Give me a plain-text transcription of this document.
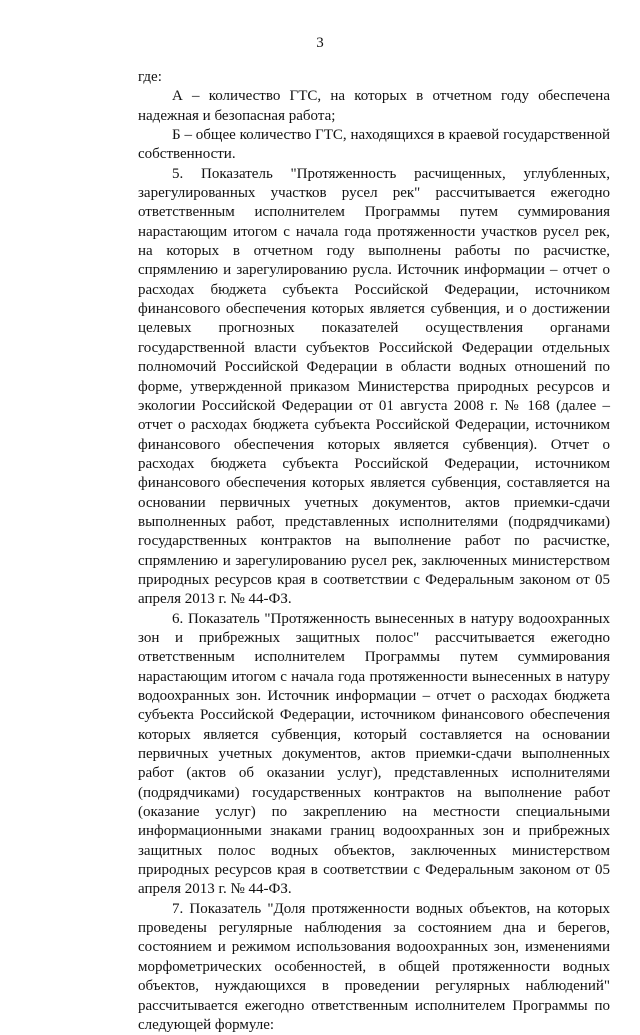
3

где:

А – количество ГТС, на которых в отчетном году обеспечена надежная и безопасная работа;

Б – общее количество ГТС, находящихся в краевой государственной собственности.

5. Показатель "Протяженность расчищенных, углубленных, зарегулированных участков русел рек" рассчитывается ежегодно ответственным исполнителем Программы путем суммирования нарастающим итогом с начала года протяженности участков русел рек, на которых в отчетном году выполнены работы по расчистке, спрямлению и зарегулированию русла. Источник информации – отчет о расходах бюджета субъекта Российской Федерации, источником финансового обеспечения которых является субвенция, и о достижении целевых прогнозных показателей осуществления органами государственной власти субъектов Российской Федерации отдельных полномочий Российской Федерации в области водных отношений по форме, утвержденной приказом Министерства природных ресурсов и экологии Российской Федерации от 01 августа 2008 г. № 168 (далее – отчет о расходах бюджета субъекта Российской Федерации, источником финансового обеспечения которых является субвенция). Отчет о расходах бюджета субъекта Российской Федерации, источником финансового обеспечения которых является субвенция, составляется на основании первичных учетных документов, актов приемки-сдачи выполненных работ, представленных исполнителями (подрядчиками) государственных контрактов на выполнение работ по расчистке, спрямлению и зарегулированию русел рек, заключенных министерством природных ресурсов края в соответствии с Федеральным законом от 05 апреля 2013 г. № 44-ФЗ.

6. Показатель "Протяженность вынесенных в натуру водоохранных зон и прибрежных защитных полос" рассчитывается ежегодно ответственным исполнителем Программы путем суммирования нарастающим итогом с начала года протяженности вынесенных в натуру водоохранных зон. Источник информации – отчет о расходах бюджета субъекта Российской Федерации, источником финансового обеспечения которых является субвенция, который составляется на основании первичных учетных документов, актов приемки-сдачи выполненных работ (актов об оказании услуг), представленных исполнителями (подрядчиками) государственных контрактов на выполнение работ (оказание услуг) по закреплению на местности специальными информационными знаками границ водоохранных зон и прибрежных защитных полос водных объектов, заключенных министерством природных ресурсов края в соответствии с Федеральным законом от 05 апреля 2013 г. № 44-ФЗ.

7. Показатель "Доля протяженности водных объектов, на которых проведены регулярные наблюдения за состоянием дна и берегов, состоянием и режимом использования водоохранных зон, изменениями морфометрических особенностей, в общей протяженности водных объектов, нуждающихся в проведении регулярных наблюдений" рассчитывается ежегодно ответственным исполнителем Программы по следующей формуле:
